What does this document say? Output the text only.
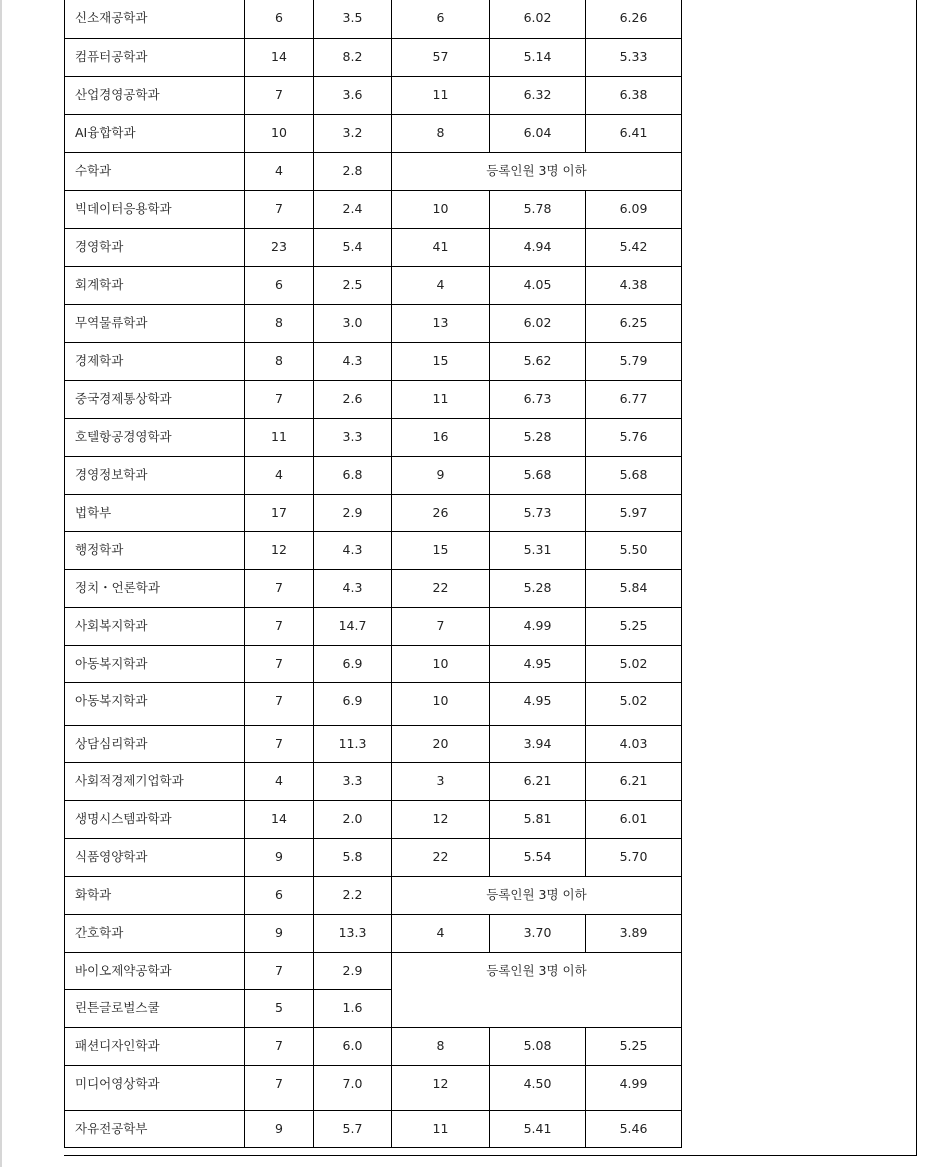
신소재공학과	6	3.5	6	6.02	6.26
컴퓨터공학과	14	8.2	57	5.14	5.33
산업경영공학과	7	3.6	11	6.32	6.38
AI융합학과	10	3.2	8	6.04	6.41
수학과	4	2.8	등록인원 3명 이하		
빅데이터응용학과	7	2.4	10	5.78	6.09
경영학과	23	5.4	41	4.94	5.42
회계학과	6	2.5	4	4.05	4.38
무역물류학과	8	3.0	13	6.02	6.25
경제학과	8	4.3	15	5.62	5.79
중국경제통상학과	7	2.6	11	6.73	6.77
호텔항공경영학과	11	3.3	16	5.28	5.76
경영정보학과	4	6.8	9	5.68	5.68
법학부	17	2.9	26	5.73	5.97
행정학과	12	4.3	15	5.31	5.50
정치・언론학과	7	4.3	22	5.28	5.84
사회복지학과	7	14.7	7	4.99	5.25
아동복지학과	7	6.9	10	4.95	5.02
아동복지학과	7	6.9	10	4.95	5.02
상담심리학과	7	11.3	20	3.94	4.03
사회적경제기업학과	4	3.3	3	6.21	6.21
생명시스템과학과	14	2.0	12	5.81	6.01
식품영양학과	9	5.8	22	5.54	5.70
화학과	6	2.2	등록인원 3명 이하		
간호학과	9	13.3	4	3.70	3.89
바이오제약공학과	7	2.9	등록인원 3명 이하		
린튼글로벌스쿨	5	1.6			
패션디자인학과	7	6.0	8	5.08	5.25
미디어영상학과	7	7.0	12	4.50	4.99
자유전공학부	9	5.7	11	5.41	5.46
